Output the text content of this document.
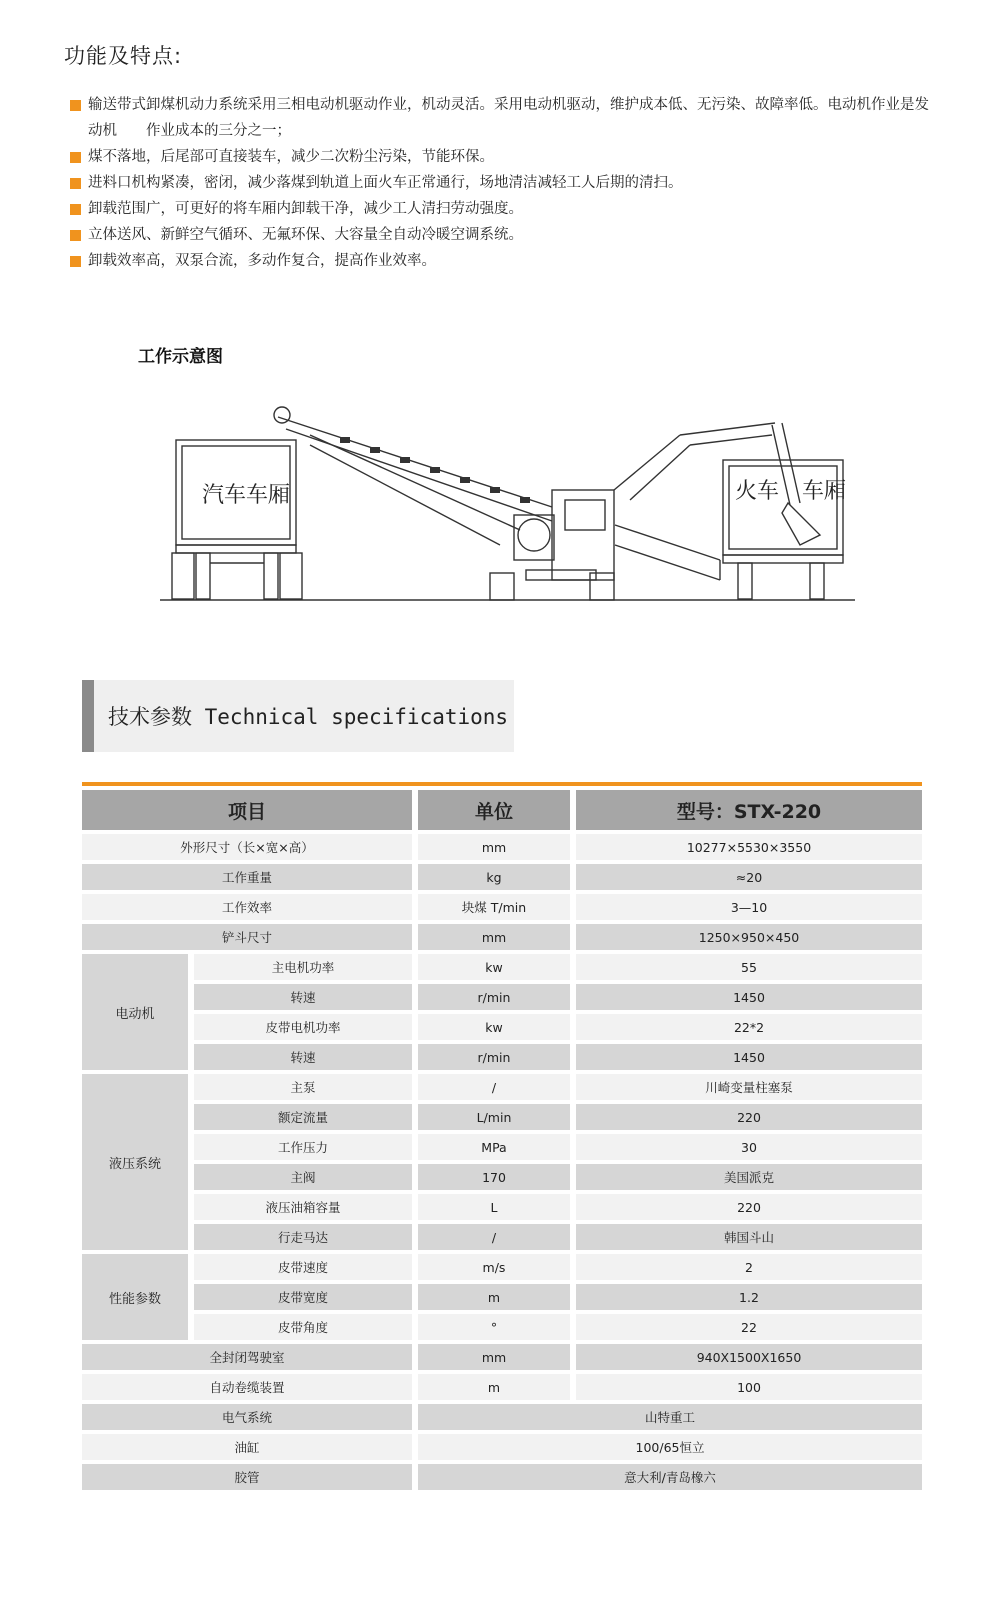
功能及特点:
输送带式卸煤机动力系统采用三相电动机驱动作业，机动灵活。采用电动机驱动，维护成本低、无污染、故障率低。电动机作业是发动机　　作业成本的三分之一；
煤不落地，后尾部可直接装车，减少二次粉尘污染，节能环保。
进料口机构紧凑，密闭，减少落煤到轨道上面火车正常通行，场地清洁减轻工人后期的清扫。
卸载范围广，可更好的将车厢内卸载干净，减少工人清扫劳动强度。
立体送风、新鲜空气循环、无氟环保、大容量全自动冷暖空调系统。
卸载效率高，双泵合流，多动作复合，提高作业效率。
工作示意图
汽车车厢	火车 车厢
技术参数 Technical specifications
项目				单位		型号：STX-220
外形尺寸（长×宽×高）				mm		10277×5530×3550
工作重量				kg		≈20
工作效率				块煤 T/min		3—10
铲斗尺寸				mm		1250×950×450
电动机		主电机功率		kw		55
		转速		r/min		1450
		皮带电机功率		kw		22*2
		转速		r/min		1450
液压系统		主泵		/		川崎变量柱塞泵
		额定流量		L/min		220
		工作压力		MPa		30
		主阀		170		美国派克
		液压油箱容量		L		220
		行走马达		/		韩国斗山
性能参数		皮带速度		m/s		2
		皮带宽度		m		1.2
		皮带角度		°		22
全封闭驾驶室				mm		940X1500X1650
自动卷缆装置				m		100
电气系统				山特重工		
油缸				100/65恒立		
胶管				意大利/青岛橡六		
